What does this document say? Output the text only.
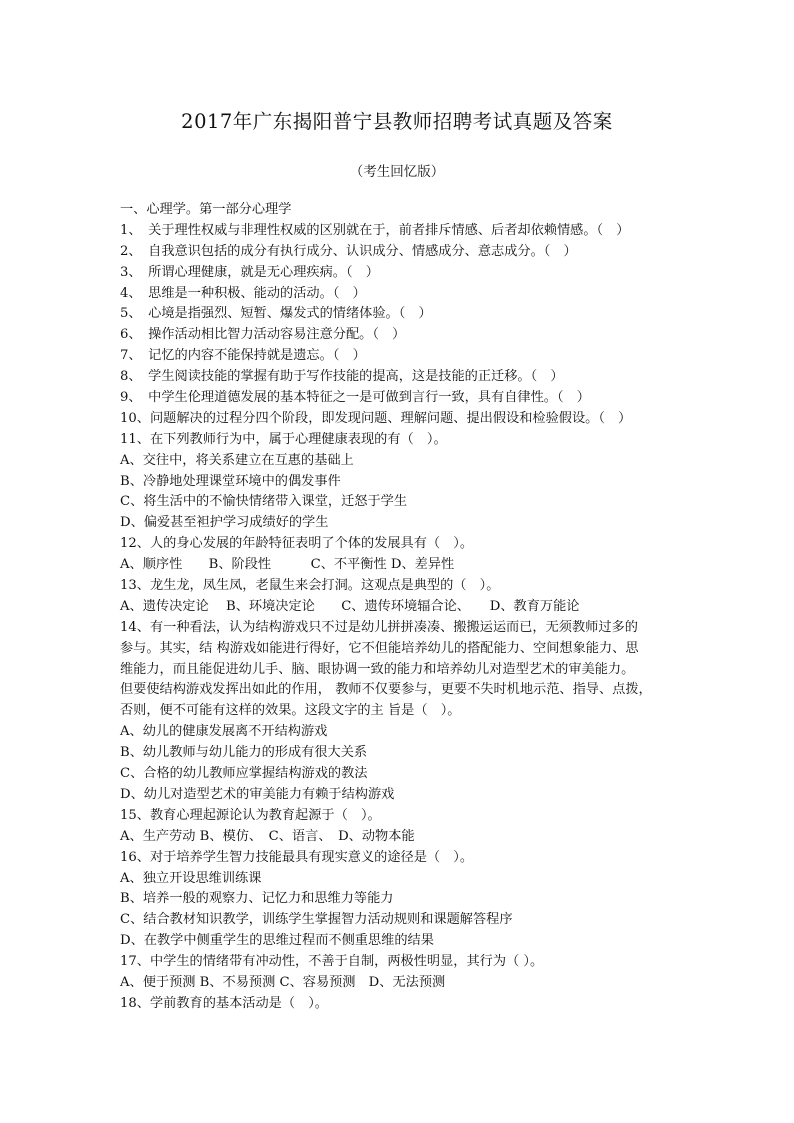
2017年广东揭阳普宁县教师招聘考试真题及答案
（考生回忆版）
一、心理学。第一部分心理学
1、　关于理性权威与非理性权威的区别就在于，前者排斥情感、后者却依赖情感。（　）
2、　自我意识包括的成分有执行成分、认识成分、情感成分、意志成分。（　）
3、　所谓心理健康，就是无心理疾病。（　）
4、　思维是一种积极、能动的活动。（　）
5、　心境是指强烈、短暂、爆发式的情绪体验。（　）
6、　操作活动相比智力活动容易注意分配。（　）
7、　记忆的内容不能保持就是遗忘。（　）
8、　学生阅读技能的掌握有助于写作技能的提高，这是技能的正迁移。（　）
9、　中学生伦理道德发展的基本特征之一是可做到言行一致，具有自律性。（　）
10、问题解决的过程分四个阶段，即发现问题、理解问题、提出假设和检验假设。（　）
11、在下列教师行为中，属于心理健康表现的有（　）。
A、交往中，将关系建立在互惠的基础上
B、冷静地处理课堂环境中的偶发事件
C、将生活中的不愉快情绪带入课堂，迁怒于学生
D、偏爱甚至袒护学习成绩好的学生
12、人的身心发展的年龄特征表明了个体的发展具有（　）。
A、顺序性　　B、阶段性　　　C、不平衡性 D、差异性
13、龙生龙，凤生凤，老鼠生来会打洞。这观点是典型的（　）。
A、遗传决定论　 B、环境决定论　　C、遗传环境辐合论、　　D、教育万能论
14、有一种看法，认为结构游戏只不过是幼儿拼拼凑凑、搬搬运运而已，无须教师过多的
参与。其实，结 构游戏如能进行得好，它不但能培养幼儿的搭配能力、空间想象能力、思
维能力，而且能促进幼儿手、脑、眼协调一致的能力和培养幼儿对造型艺术的审美能力。
但要使结构游戏发挥出如此的作用， 教师不仅要参与，更要不失时机地示范、指导、点拨，
否则，便不可能有这样的效果。这段文字的主 旨是（　）。
A、幼儿的健康发展离不开结构游戏
B、幼儿教师与幼儿能力的形成有很大关系
C、合格的幼儿教师应掌握结构游戏的教法
D、幼儿对造型艺术的审美能力有赖于结构游戏
15、教育心理起源论认为教育起源于（　）。
A、生产劳动 B、模仿、　C、语言、　D、动物本能
16、对于培养学生智力技能最具有现实意义的途径是（　）。
A、独立开设思维训练课
B、培养一般的观察力、记忆力和思维力等能力
C、结合教材知识教学，训练学生掌握智力活动规则和课题解答程序
D、在教学中侧重学生的思维过程而不侧重思维的结果
17、中学生的情绪带有冲动性，不善于自制，两极性明显，其行为（ ）。
A、便于预测 B、不易预测 C、容易预测　D、无法预测
18、学前教育的基本活动是（　）。
